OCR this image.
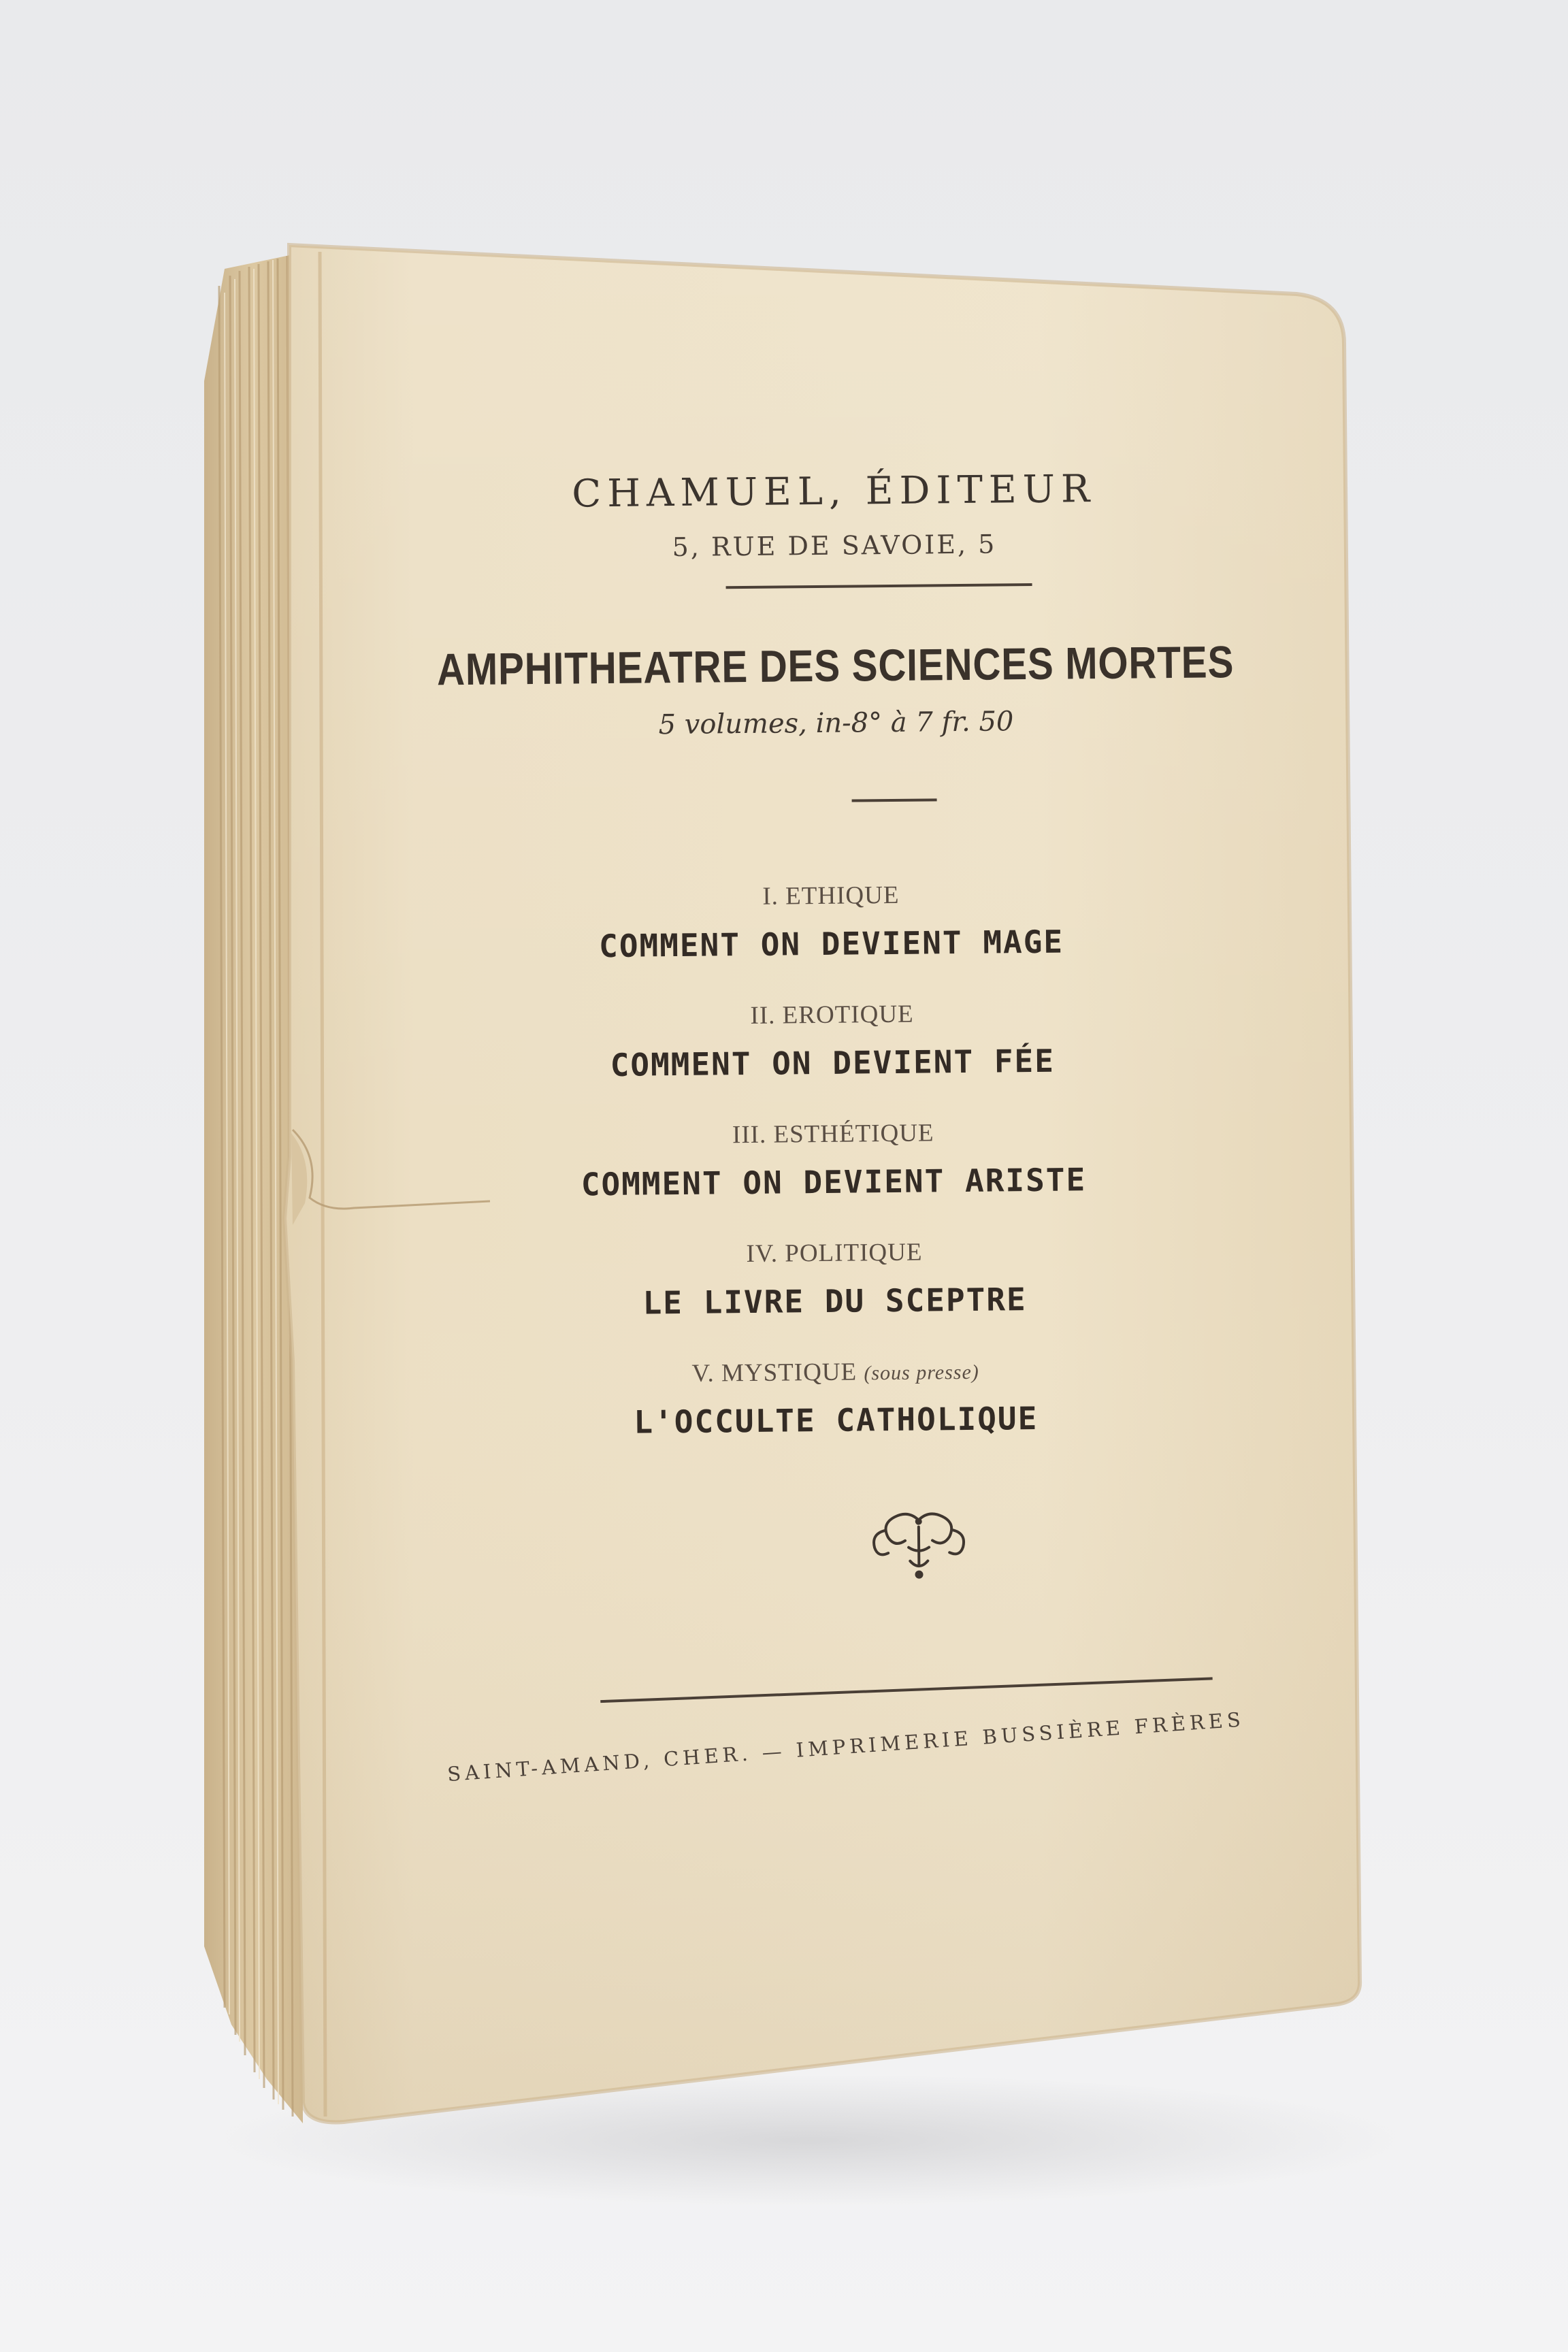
CHAMUEL, ÉDITEUR
5, RUE DE SAVOIE, 5
AMPHITHEATRE DES SCIENCES MORTES
5 volumes, in-8° à 7 fr. 50
I. ETHIQUE
COMMENT ON DEVIENT MAGE
II. EROTIQUE
COMMENT ON DEVIENT FÉE
III. ESTHÉTIQUE
COMMENT ON DEVIENT ARISTE
IV. POLITIQUE
LE LIVRE DU SCEPTRE
V. MYSTIQUE (sous presse)
L'OCCULTE CATHOLIQUE
SAINT-AMAND, CHER. — IMPRIMERIE BUSSIÈRE FRÈRES
